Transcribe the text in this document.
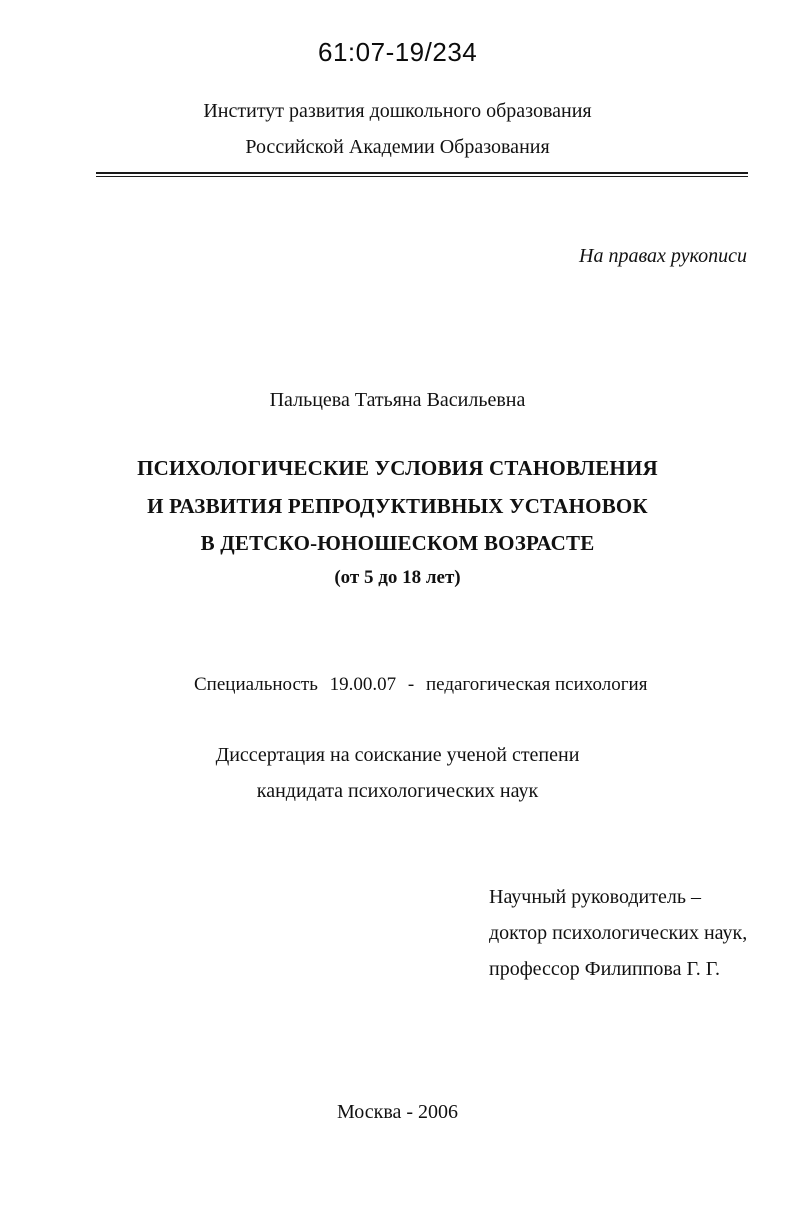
61:07-19/234
Институт развития дошкольного образования
Российской Академии Образования
На правах рукописи
Пальцева Татьяна Васильевна
ПСИХОЛОГИЧЕСКИЕ УСЛОВИЯ СТАНОВЛЕНИЯ
И РАЗВИТИЯ РЕПРОДУКТИВНЫХ УСТАНОВОК
В ДЕТСКО-ЮНОШЕСКОМ ВОЗРАСТЕ
(от 5 до 18 лет)
Специальность 19.00.07 - педагогическая психология
Диссертация на соискание ученой степени
кандидата психологических наук
Научный руководитель –
доктор психологических наук,
профессор Филиппова Г. Г.
Москва - 2006
